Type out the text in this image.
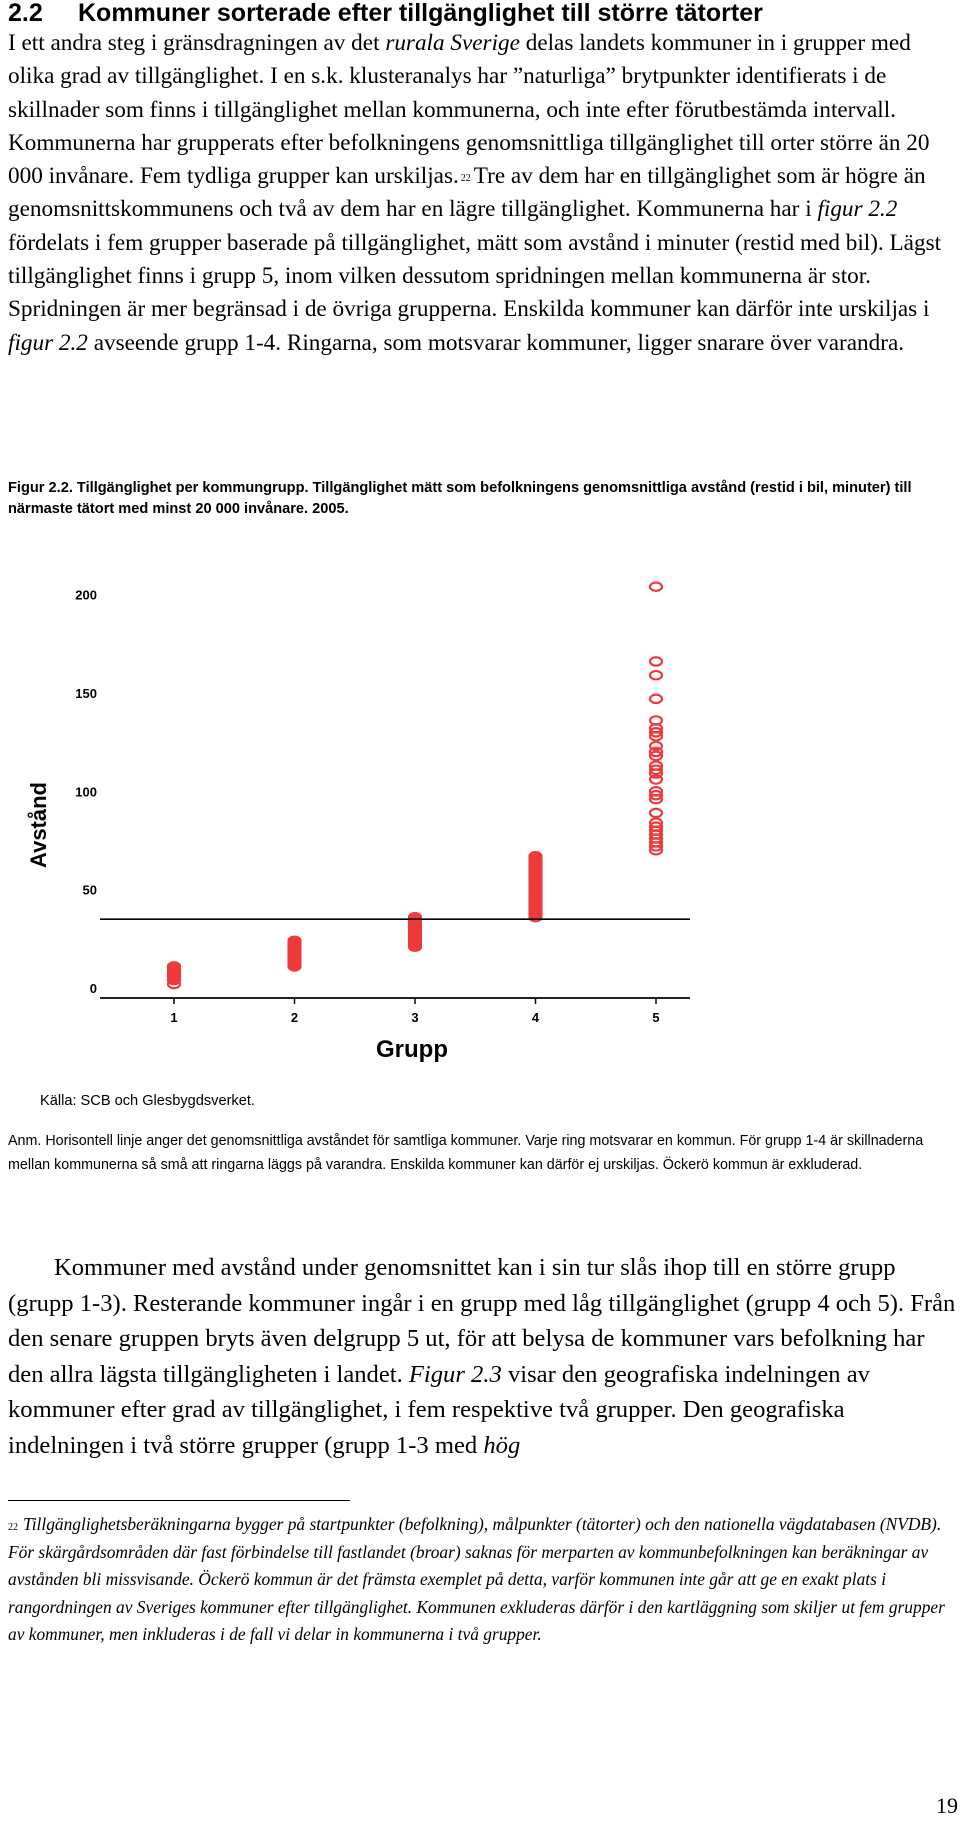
2.2 Kommuner sorterade efter tillgänglighet till större tätorter
I ett andra steg i gränsdragningen av det rurala Sverige delas landets kommuner in i grupper med olika grad av tillgänglighet. I en s.k. klusteranalys har ”naturliga” brytpunkter identifierats i de skillnader som finns i tillgänglighet mellan kommunerna, och inte efter förutbestämda intervall. Kommunerna har grupperats efter befolkningens genomsnittliga tillgänglighet till orter större än 20 000 invånare. Fem tydliga grupper kan urskiljas. $^{22}$ Tre av dem har en tillgänglighet som är högre än genomsnittskommunens och två av dem har en lägre tillgänglighet. Kommunerna har i figur 2.2 fördelats i fem grupper baserade på tillgänglighet, mätt som avstånd i minuter (restid med bil). Lägst tillgänglighet finns i grupp 5, inom vilken dessutom spridningen mellan kommunerna är stor. Spridningen är mer begränsad i de övriga grupperna. Enskilda kommuner kan därför inte urskiljas i figur 2.2 avseende grupp 1-4. Ringarna, som motsvarar kommuner, ligger snarare över varandra.
Figur 2.2. Tillgänglighet per kommungrupp. Tillgänglighet mätt som befolkningens genomsnittliga avstånd (restid i bil, minuter) till närmaste tätort med minst 20 000 invånare. 2005.
0
50
100
150
200
1	2	3	4	5
Avstånd
Grupp
Källa: SCB och Glesbygdsverket.
Anm. Horisontell linje anger det genomsnittliga avståndet för samtliga kommuner. Varje ring motsvarar en kommun. För grupp 1-4 är skillnaderna mellan kommunerna så små att ringarna läggs på varandra. Enskilda kommuner kan därför ej urskiljas. Öckerö kommun är exkluderad.
Kommuner med avstånd under genomsnittet kan i sin tur slås ihop till en större grupp (grupp 1-3). Resterande kommuner ingår i en grupp med låg tillgänglighet (grupp 4 och 5). Från den senare gruppen bryts även delgrupp 5 ut, för att belysa de kommuner vars befolkning har den allra lägsta tillgängligheten i landet. Figur 2.3 visar den geografiska indelningen av kommuner efter grad av tillgänglighet, i fem respektive två grupper. Den geografiska indelningen i två större grupper (grupp 1-3 med hög
$^{22}$ Tillgänglighetsberäkningarna bygger på startpunkter (befolkning), målpunkter (tätorter) och den nationella vägdatabasen (NVDB). För skärgårdsområden där fast förbindelse till fastlandet (broar) saknas för merparten av kommunbefolkningen kan beräkningar av avstånden bli missvisande. Öckerö kommun är det främsta exemplet på detta, varför kommunen inte går att ge en exakt plats i rangordningen av Sveriges kommuner efter tillgänglighet. Kommunen exkluderas därför i den kartläggning som skiljer ut fem grupper av kommuner, men inkluderas i de fall vi delar in kommunerna i två grupper.
19
